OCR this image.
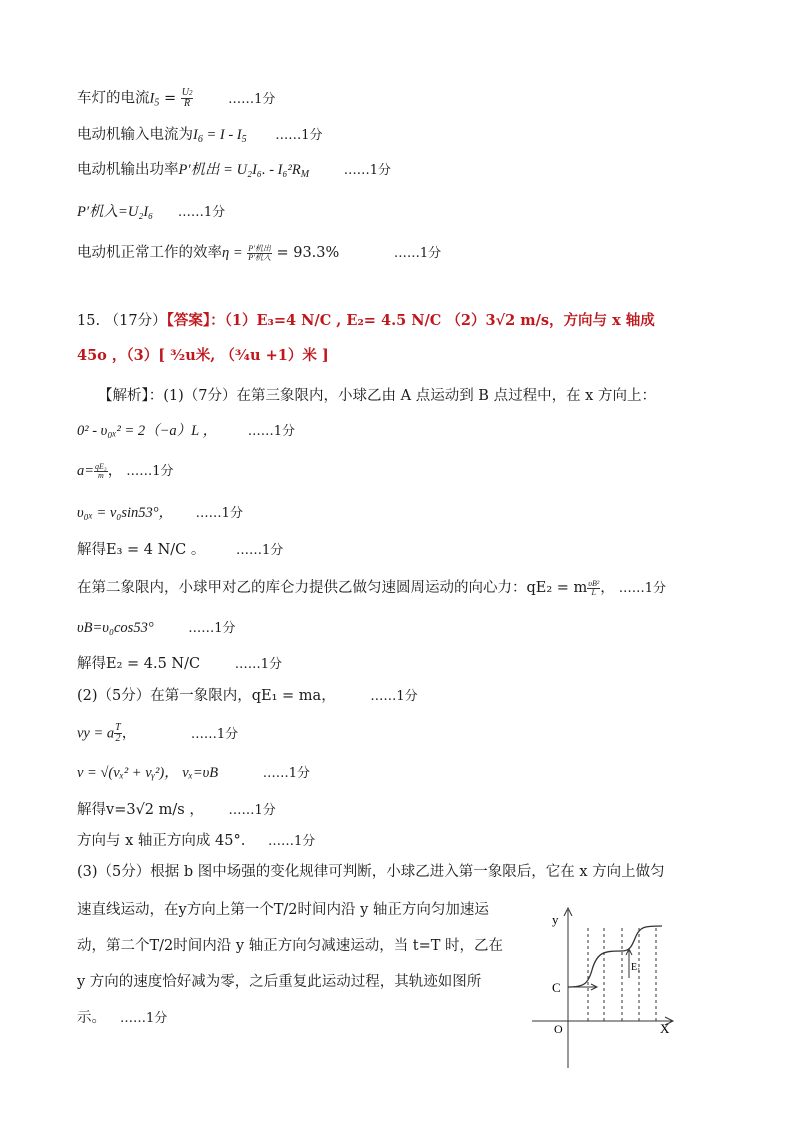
车灯的电流$I_5 = \frac{U2}{R}$	……1分
电动机输入电流为$I_6 = I - I_5$ ……1分
电动机输出功率P′机出 = U₂I₆. - $I_6^2R_M$	……1分
P′机入=U₂I₆ ……1分
电动机正常工作的效率$\eta = \frac{\text{P′机出}}{\text{P′机入}} = 93.3\%$	……1分
15. （17分）【答案】：（1）E₃=4 N/C , E₂= 4.5 N/C （2）3√2 m/s，方向与 x 轴成
45o ，（3）[ ³⁄₂u米, （³⁄₄u +1）米 ]
【解析】：(1)（7分）在第三象限内，小球乙由 A 点运动到 B 点过程中，在 x 方向上：
0² - υ₀ₓ² = 2（−a）L ， ……1分
$a= \frac{\text{qE₃}}{m}$ ， ……1分
υ₀ₓ = v₀sin53°， ……1分
解得E₃ = 4 N/C 。 ……1分
在第二象限内，小球甲对乙的库仑力提供乙做匀速圆周运动的向心力：qE₂ = m $\frac{\text{υB²}}{L}$ ， ……1分
υB=υ₀cos53°	……1分
解得E₂ = 4.5 N/C	……1分
(2)（5分）在第一象限内，qE₁ = ma，	……1分
vy = a $\frac{T}{2}$ ，	……1分
v = √(vₓ² + vᵧ²)， vₓ=υB	……1分
解得v=3√2 m/s ， ……1分
方向与 x 轴正方向成 45°. ……1分
(3)（5分）根据 b 图中场强的变化规律可判断，小球乙进入第一象限后，它在 x 方向上做匀
速直线运动，在y方向上第一个T/2时间内沿 y 轴正方向匀加速运动，第二个T/2时间内沿 y 轴正方向匀减速运动，当 t=T 时，乙在 y 方向的速度恰好减为零，之后重复此运动过程，其轨迹如图所示。 ……1分
y
X
O
C
E₁
